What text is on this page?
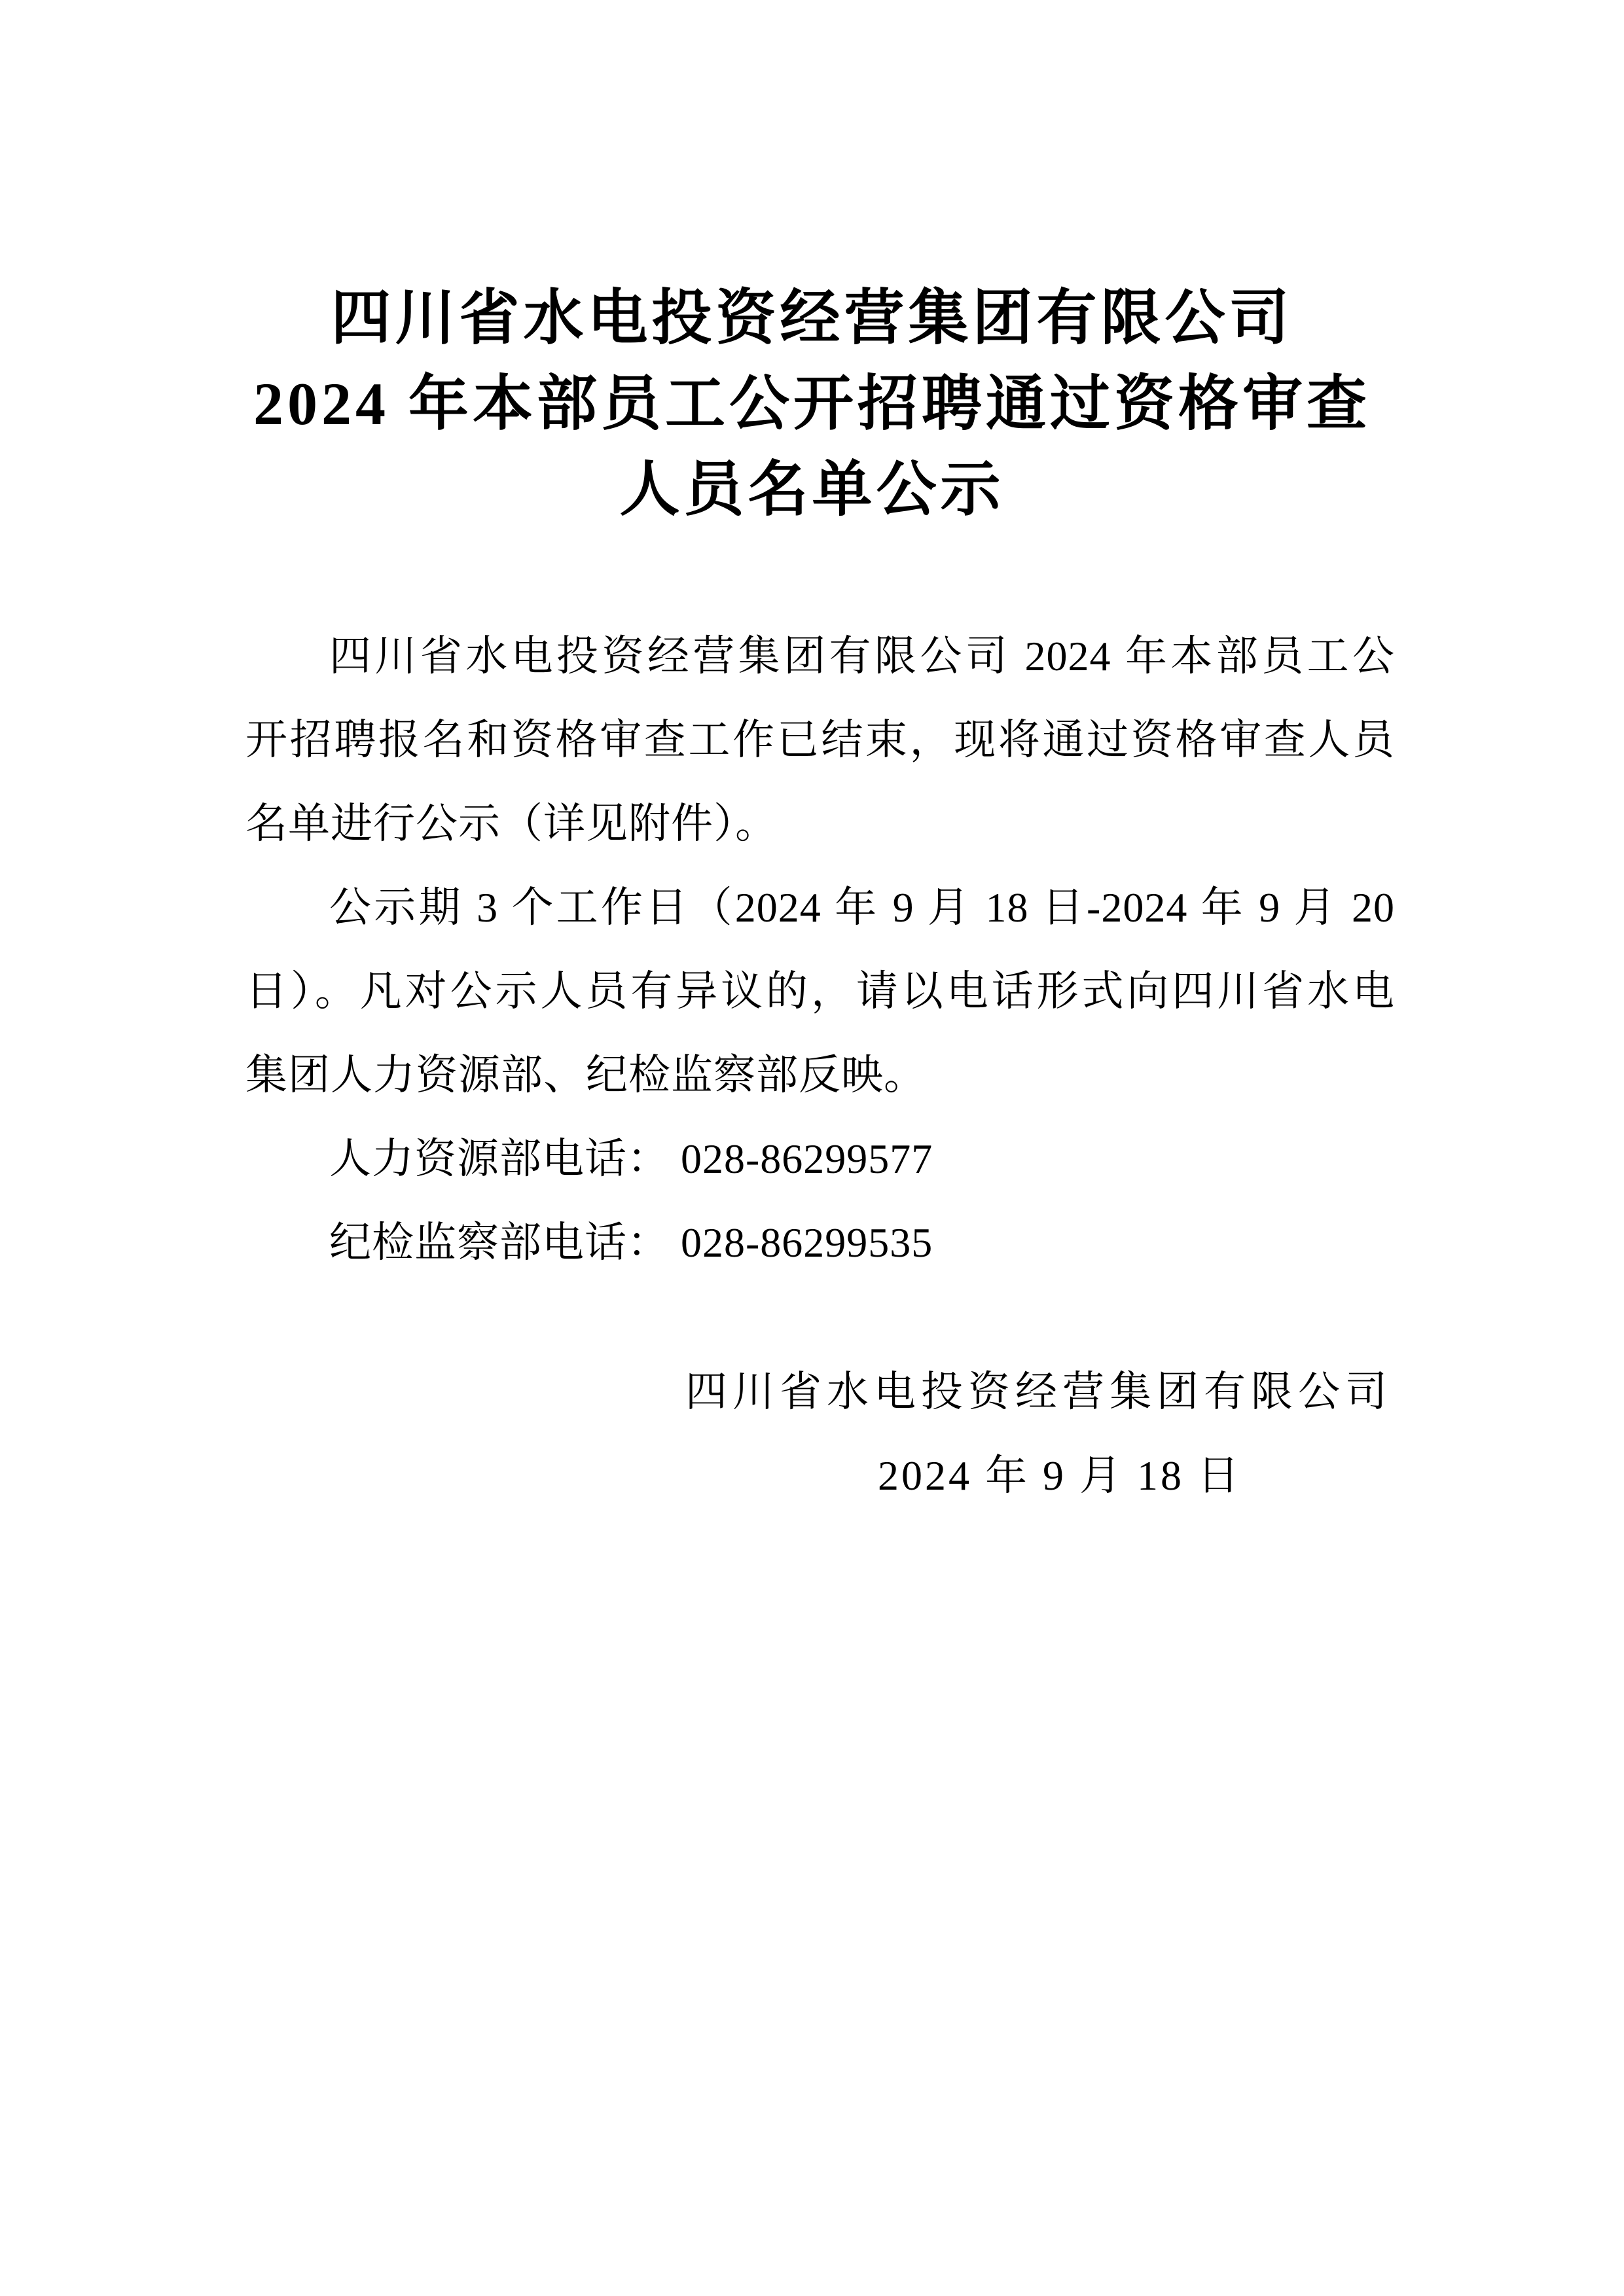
四川省水电投资经营集团有限公司
2024 年本部员工公开招聘通过资格审查
人员名单公示
四川省水电投资经营集团有限公司 2024 年本部员工公
开招聘报名和资格审查工作已结束，现将通过资格审查人员
名单进行公示（详见附件）。
公示期 3 个工作日（2024 年 9 月 18 日-2024 年 9 月 20
日）。凡对公示人员有异议的，请以电话形式向四川省水电
集团人力资源部、纪检监察部反映。
人力资源部电话： 028-86299577
纪检监察部电话： 028-86299535
四川省水电投资经营集团有限公司
2024 年 9 月 18 日
